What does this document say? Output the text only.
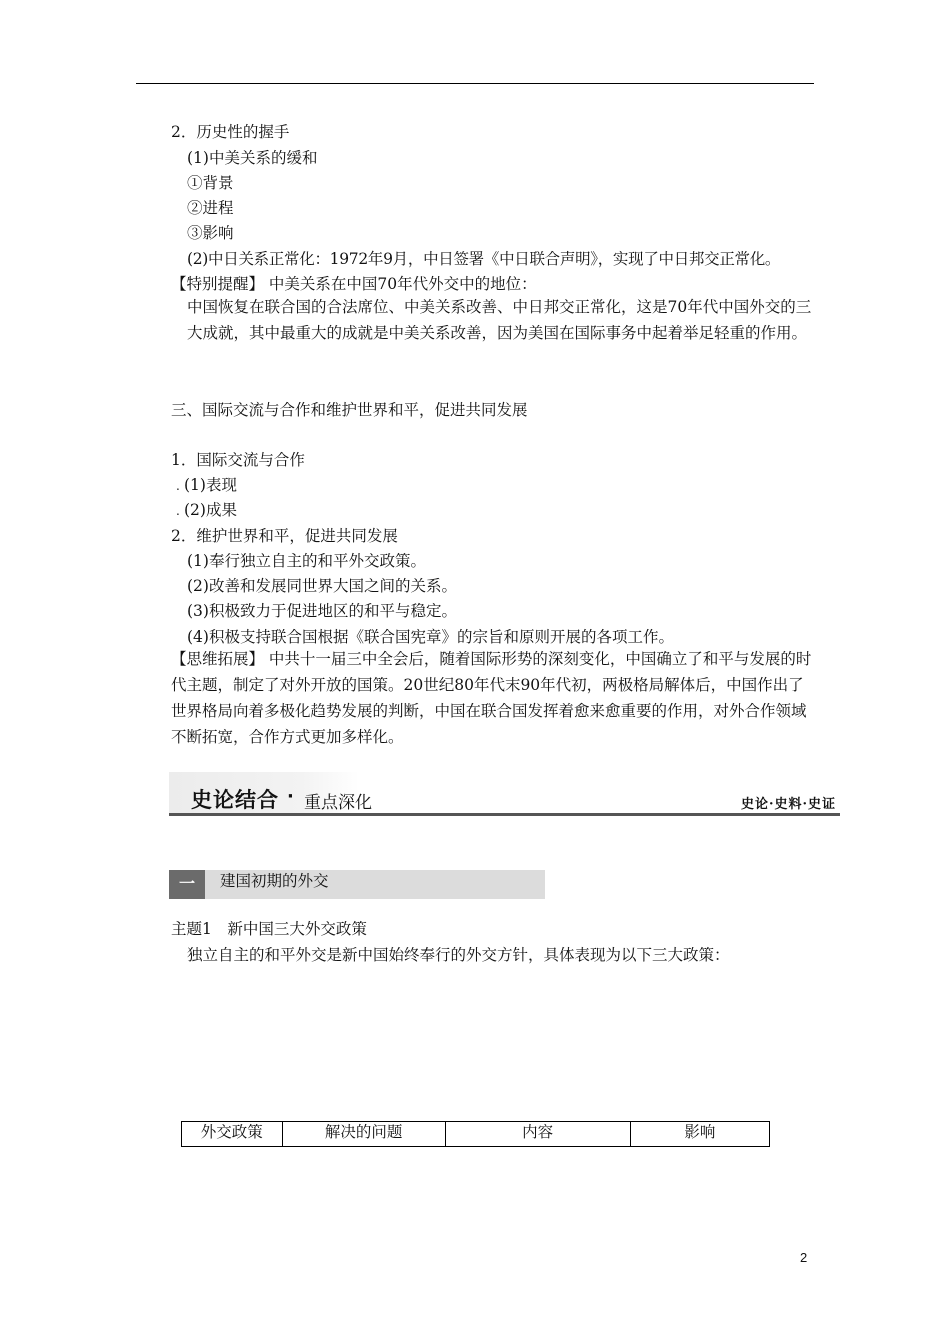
2．历史性的握手
(1)中美关系的缓和
①背景
②进程
③影响
(2)中日关系正常化：1972年9月，中日签署《中日联合声明》，实现了中日邦交正常化。
【特别提醒】 中美关系在中国70年代外交中的地位：
中国恢复在联合国的合法席位、中美关系改善、中日邦交正常化，这是70年代中国外交的三大成就，其中最重大的成就是中美关系改善，因为美国在国际事务中起着举足轻重的作用。
三、国际交流与合作和维护世界和平，促进共同发展
1．国际交流与合作
. (1)表现
. (2)成果
2．维护世界和平，促进共同发展
(1)奉行独立自主的和平外交政策。
(2)改善和发展同世界大国之间的关系。
(3)积极致力于促进地区的和平与稳定。
(4)积极支持联合国根据《联合国宪章》的宗旨和原则开展的各项工作。
【思维拓展】 中共十一届三中全会后，随着国际形势的深刻变化，中国确立了和平与发展的时代主题，制定了对外开放的国策。20世纪80年代末90年代初，两极格局解体后，中国作出了世界格局向着多极化趋势发展的判断，中国在联合国发挥着愈来愈重要的作用，对外合作领域不断拓宽，合作方式更加多样化。
史论结合 · 重点深化	史论·史料·史证
一	建国初期的外交
主题1　新中国三大外交政策
独立自主的和平外交是新中国始终奉行的外交方针，具体表现为以下三大政策：
外交政策	解决的问题	内容	影响
2
